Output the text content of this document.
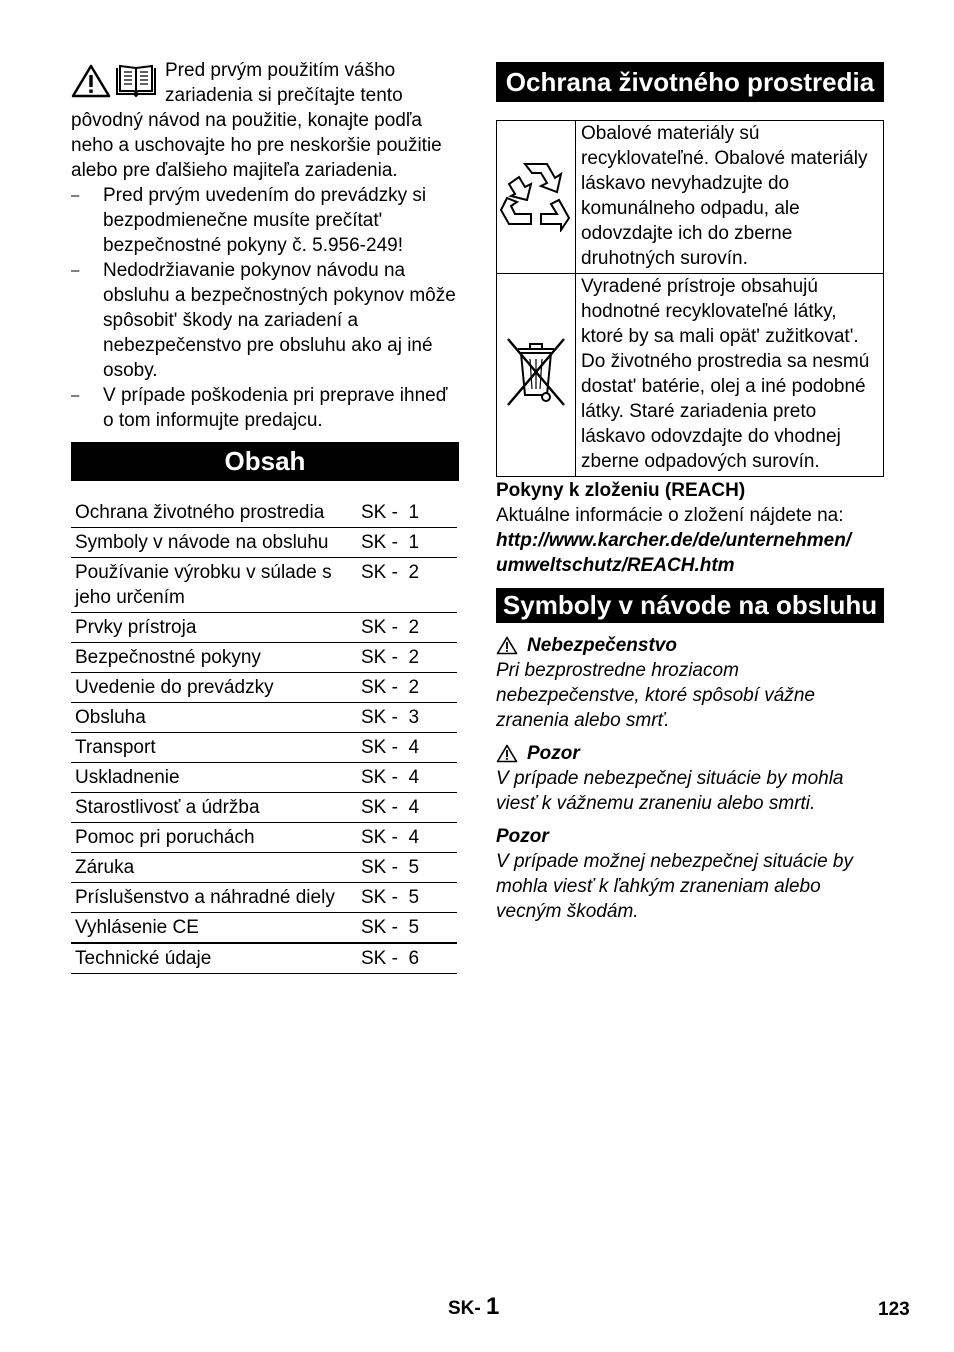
Pred prvým použitím vášho zariadenia si prečítajte tento pôvodný návod na použitie, konajte podľa neho a uschovajte ho pre neskoršie použitie alebo pre ďalšieho majiteľa zariadenia.

– Pred prvým uvedením do prevádzky si bezpodmienečne musíte prečítat' bezpečnostné pokyny č. 5.956-249!
– Nedodržiavanie pokynov návodu na obsluhu a bezpečnostných pokynov môže spôsobit' škody na zariadení a nebezpečenstvo pre obsluhu ako aj iné osoby.
– V prípade poškodenia pri preprave ihneď o tom informujte predajcu.
Obsah
Ochrana životného prostredia	SK -  1
Symboly v návode na obsluhu	SK -  1
Používanie výrobku v súlade s jeho určením	SK -  2
Prvky prístroja	SK -  2
Bezpečnostné pokyny	SK -  2
Uvedenie do prevádzky	SK -  2
Obsluha	SK -  3
Transport	SK -  4
Uskladnenie	SK -  4
Starostlivosť a údržba	SK -  4
Pomoc pri poruchách	SK -  4
Záruka	SK -  5
Príslušenstvo a náhradné diely	SK -  5
Vyhlásenie CE	SK -  5
Technické údaje	SK -  6
Ochrana životného prostredia
	Obalové materiály sú recyklovateľné. Obalové materiály láskavo nevyhadzujte do komunálneho odpadu, ale odovzdajte ich do zberne druhotných surovín.
	Vyradené prístroje obsahujú hodnotné recyklovateľné látky, ktoré by sa mali opät' zužitkovat'. Do životného prostredia sa nesmú dostat' batérie, olej a iné podobné látky. Staré zariadenia preto láskavo odovzdajte do vhodnej zberne odpadových surovín.
Pokyny k zloženiu (REACH)
Aktuálne informácie o zložení nájdete na:
http://www.karcher.de/de/unternehmen/
umweltschutz/REACH.htm
Symboly v návode na obsluhu
Nebezpečenstvo

Pri bezprostredne hroziacom nebezpečenstve, ktoré spôsobí vážne zranenia alebo smrť.

Pozor

V prípade nebezpečnej situácie by mohla viesť k vážnemu zraneniu alebo smrti.

Pozor

V prípade možnej nebezpečnej situácie by mohla viesť k ľahkým zraneniam alebo vecným škodám.

SK- 1	123
